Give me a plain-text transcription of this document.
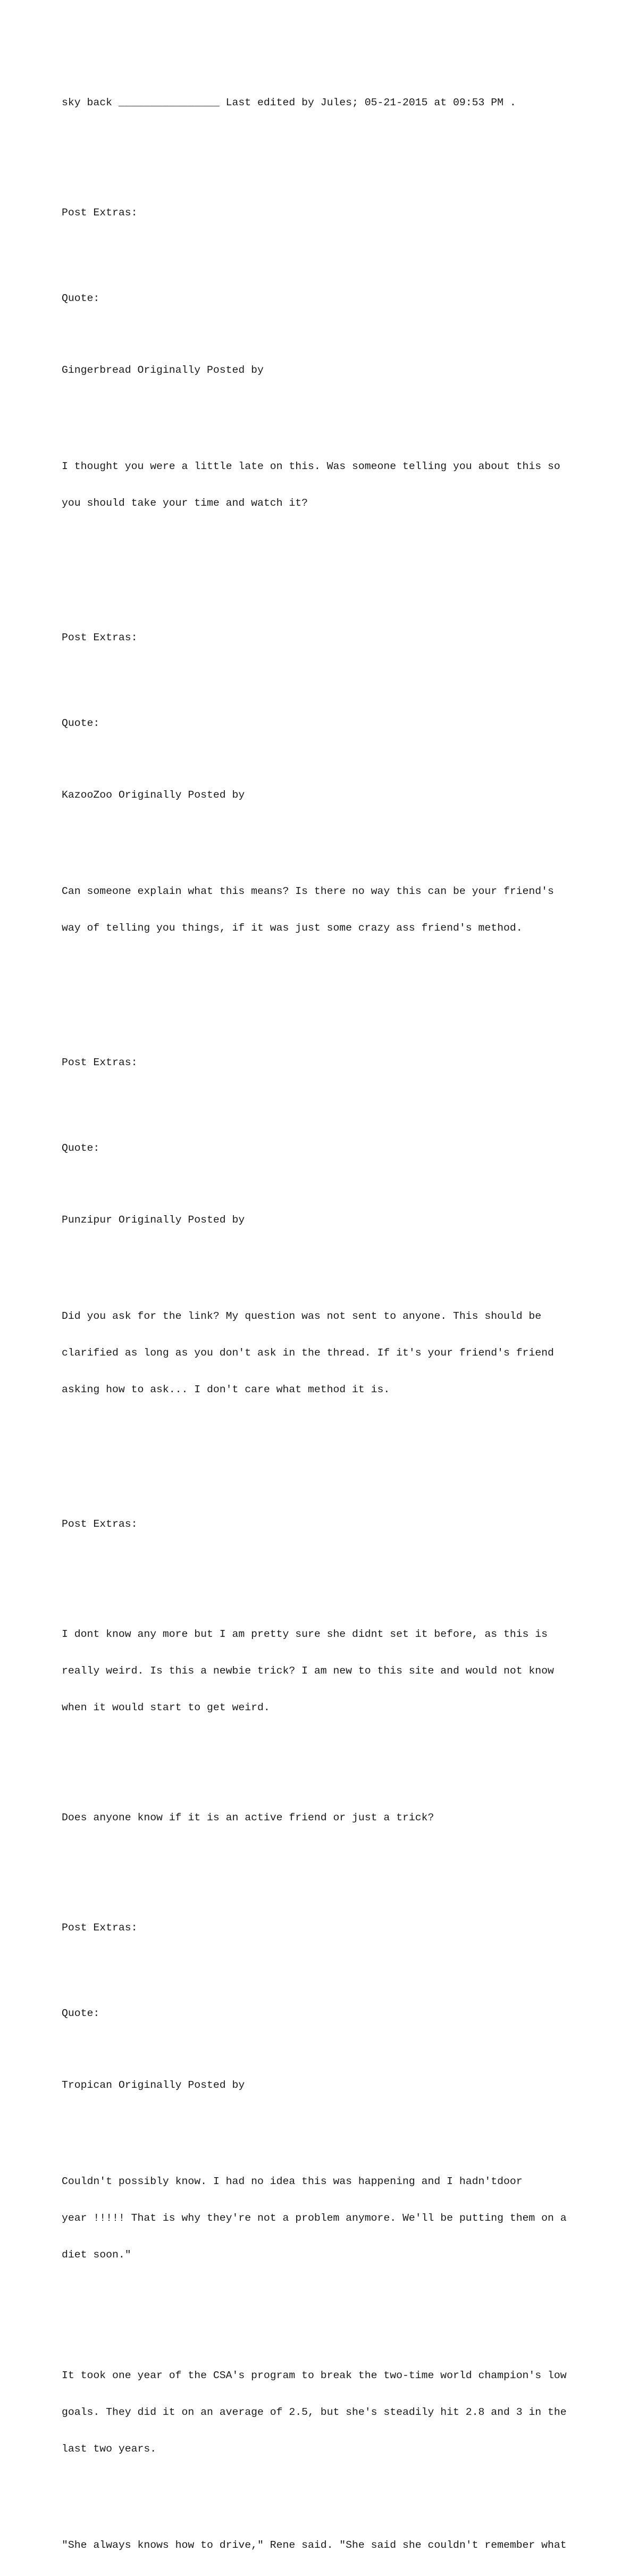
sky back ________________ Last edited by Jules; 05-21-2015 at 09:53 PM .

Post Extras:

Quote:

Gingerbread Originally Posted by

I thought you were a little late on this. Was someone telling you about this so

you should take your time and watch it?

Post Extras:

Quote:

KazooZoo Originally Posted by

Can someone explain what this means? Is there no way this can be your friend's

way of telling you things, if it was just some crazy ass friend's method.

Post Extras:

Quote:

Punzipur Originally Posted by

Did you ask for the link? My question was not sent to anyone. This should be

clarified as long as you don't ask in the thread. If it's your friend's friend

asking how to ask... I don't care what method it is.

Post Extras:

I dont know any more but I am pretty sure she didnt set it before, as this is

really weird. Is this a newbie trick? I am new to this site and would not know

when it would start to get weird.

Does anyone know if it is an active friend or just a trick?

Post Extras:

Quote:

Tropican Originally Posted by

Couldn't possibly know. I had no idea this was happening and I hadn'tdoor

year !!!!! That is why they're not a problem anymore. We'll be putting them on a

diet soon."

It took one year of the CSA's program to break the two-time world champion's low

goals. They did it on an average of 2.5, but she's steadily hit 2.8 and 3 in the

last two years.

"She always knows how to drive," Rene said. "She said she couldn't remember what
